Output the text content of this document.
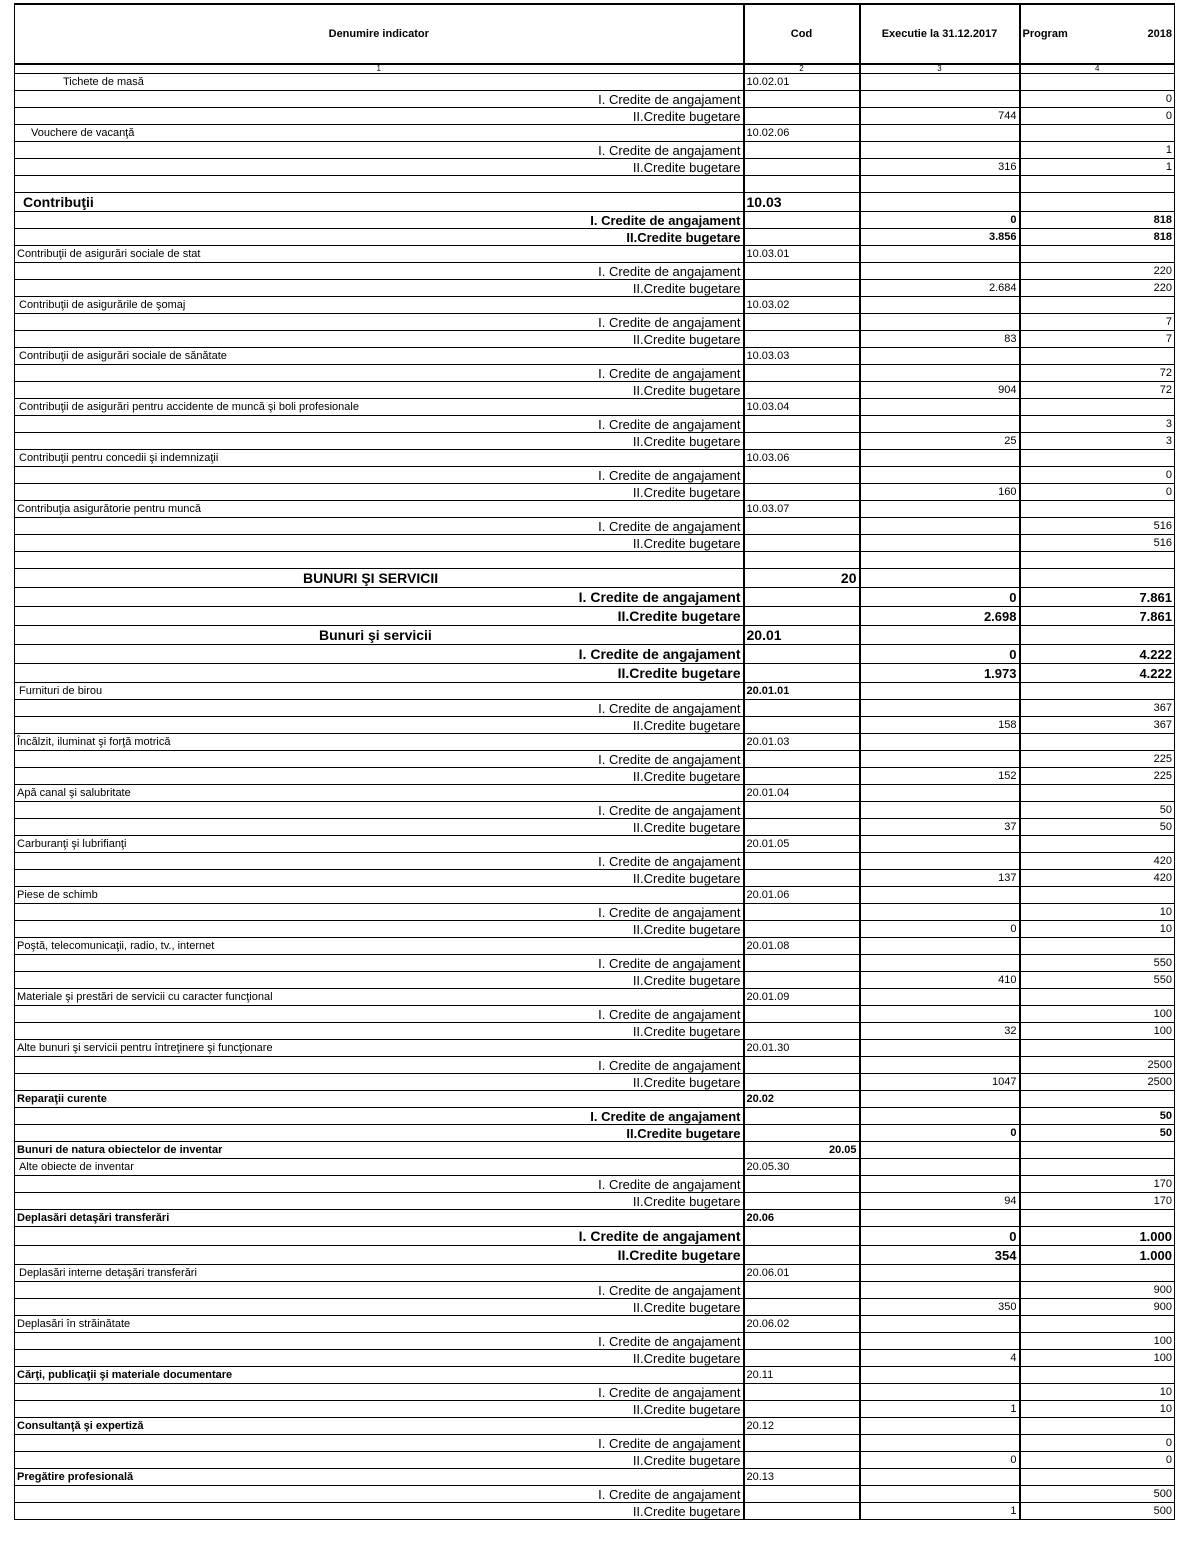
Denumire indicator	Cod	Executie la 31.12.2017	Program 2018

1	2	3	4
Tichete de masă	10.02.01		
I. Credite de angajament			0
II.Credite bugetare		744	0
Vouchere de vacanţă	10.02.06		
I. Credite de angajament			1
II.Credite bugetare		316	1

Contribuţii	10.03		
I. Credite de angajament		0	818
II.Credite bugetare		3.856	818
Contribuţii de asigurări sociale de stat	10.03.01		
I. Credite de angajament			220
II.Credite bugetare		2.684	220
Contribuţii de asigurările de şomaj	10.03.02		
I. Credite de angajament			7
II.Credite bugetare		83	7
Contribuţii de asigurări sociale de sănătate	10.03.03		
I. Credite de angajament			72
II.Credite bugetare		904	72
Contribuţii de asigurări pentru accidente de muncă şi boli profesionale	10.03.04		
I. Credite de angajament			3
II.Credite bugetare		25	3
Contribuţii pentru concedii şi indemnizaţii	10.03.06		
I. Credite de angajament			0
II.Credite bugetare		160	0
Contribuţia asigurătorie pentru muncă	10.03.07		
I. Credite de angajament			516
II.Credite bugetare			516

BUNURI ŞI SERVICII	20		
I. Credite de angajament		0	7.861
II.Credite bugetare		2.698	7.861
Bunuri şi servicii	20.01		
I. Credite de angajament		0	4.222
II.Credite bugetare		1.973	4.222
Furnituri de birou	20.01.01		
I. Credite de angajament			367
II.Credite bugetare		158	367
Încălzit, iluminat şi forţă motrică	20.01.03		
I. Credite de angajament			225
II.Credite bugetare		152	225
Apă canal şi salubritate	20.01.04		
I. Credite de angajament			50
II.Credite bugetare		37	50
Carburanţi şi lubrifianţi	20.01.05		
I. Credite de angajament			420
II.Credite bugetare		137	420
Piese de schimb	20.01.06		
I. Credite de angajament			10
II.Credite bugetare		0	10
Poştă, telecomunicaţii, radio, tv., internet	20.01.08		
I. Credite de angajament			550
II.Credite bugetare		410	550
Materiale şi prestări de servicii cu caracter funcţional	20.01.09		
I. Credite de angajament			100
II.Credite bugetare		32	100
Alte bunuri şi servicii pentru întreţinere şi funcţionare	20.01.30		
I. Credite de angajament			2500
II.Credite bugetare		1047	2500
Reparaţii curente	20.02		
I. Credite de angajament			50
II.Credite bugetare		0	50
Bunuri de natura obiectelor de inventar	20.05		
Alte obiecte de inventar	20.05.30		
I. Credite de angajament			170
II.Credite bugetare		94	170
Deplasări detaşări transferări	20.06		
I. Credite de angajament		0	1.000
II.Credite bugetare		354	1.000
Deplasări interne detaşări transferări	20.06.01		
I. Credite de angajament			900
II.Credite bugetare		350	900
Deplasări în străinătate	20.06.02		
I. Credite de angajament			100
II.Credite bugetare		4	100
Cărţi, publicaţii şi materiale documentare	20.11		
I. Credite de angajament			10
II.Credite bugetare		1	10
Consultanţă şi expertiză	20.12		
I. Credite de angajament			0
II.Credite bugetare		0	0
Pregătire profesională	20.13		
I. Credite de angajament			500
II.Credite bugetare		1	500
